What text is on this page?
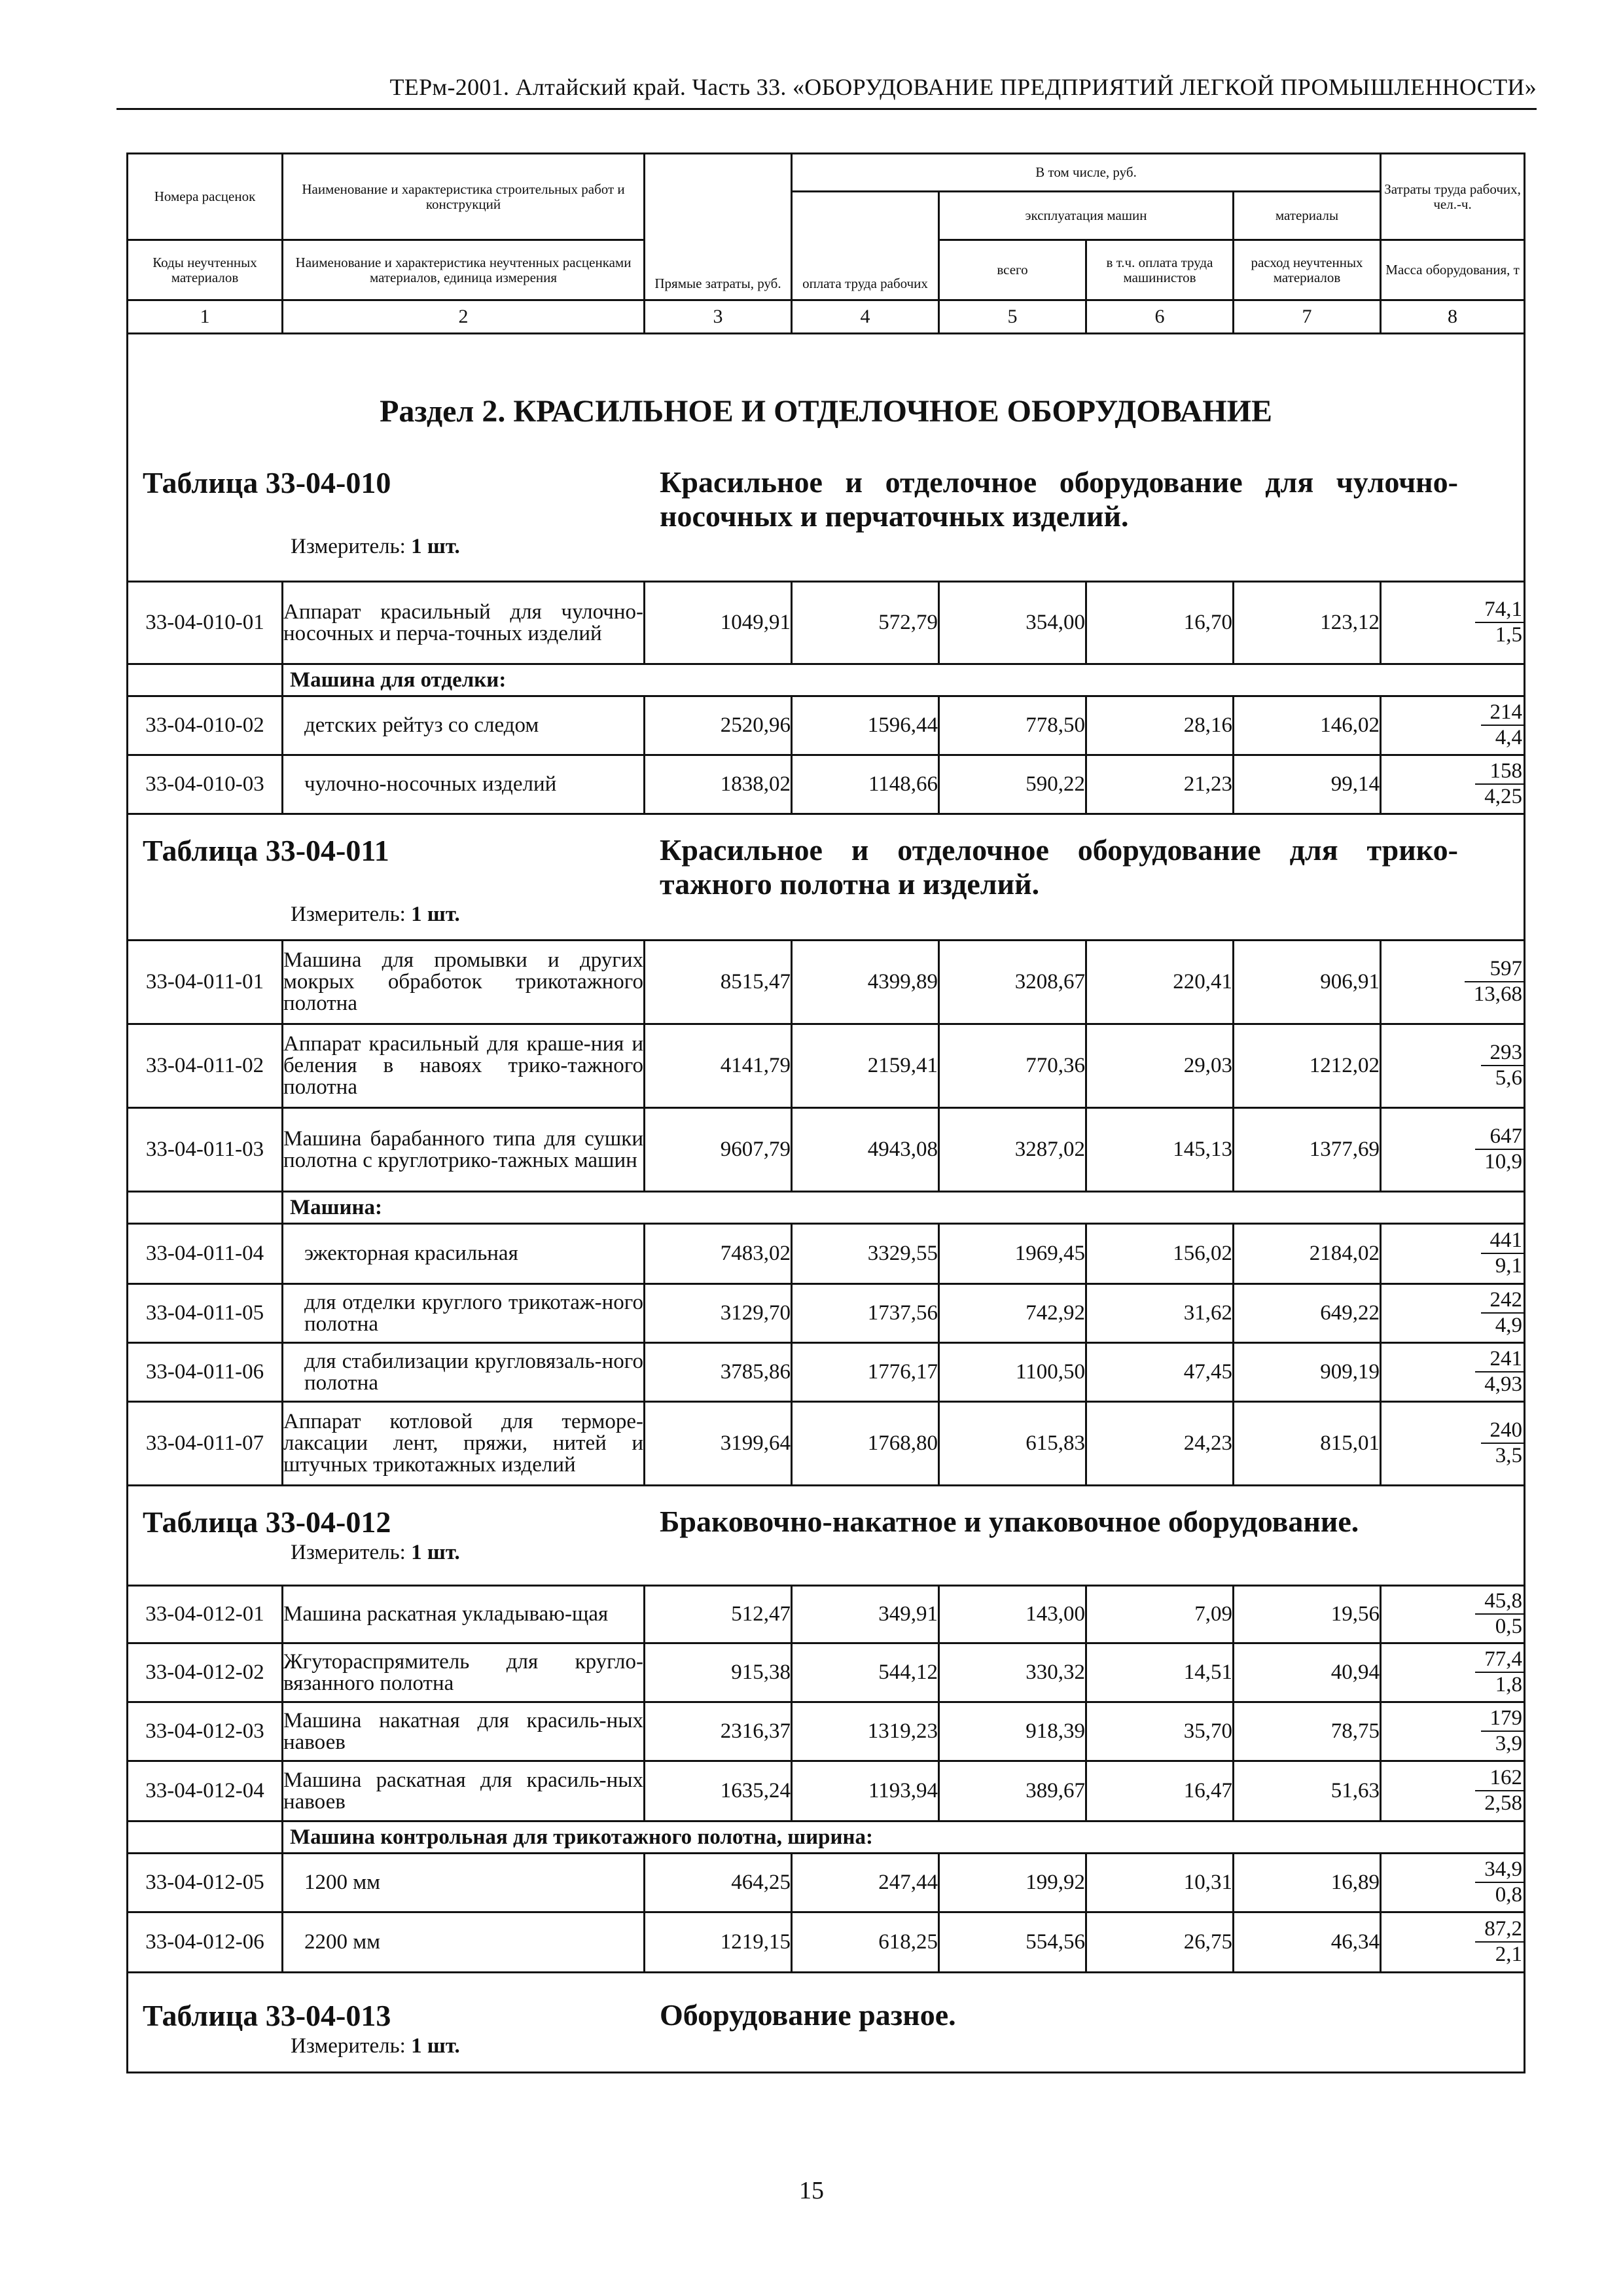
ТЕРм-2001. Алтайский край. Часть 33. «ОБОРУДОВАНИЕ ПРЕДПРИЯТИЙ ЛЕГКОЙ ПРОМЫШЛЕННОСТИ»
Номера расценок	Наименование и характеристика строительных работ и конструкций	Прямые затраты, руб.	В том числе, руб.				Затраты труда рабочих, чел.-ч.
			оплата труда рабочих	эксплуатация машин		материалы	
Коды неучтенных материалов	Наименование и характеристика неучтенных расценками материалов, единица измерения			всего	в т.ч. оплата труда машинистов	расход неучтенных материалов	Масса оборудования, т
1	2	3	4	5	6	7	8

Раздел 2. КРАСИЛЬНОЕ И ОТДЕЛОЧНОЕ ОБОРУДОВАНИЕ							

Таблица 33-04-010 Красильное и отделочное оборудование для чулочно-носочных и перчаточных изделий.
Измеритель: 1 шт.							

33-04-010-01	Аппарат красильный для чулочно-носочных и перча-точных изделий	1049,91	572,79	354,00	16,70	123,12	$\frac{74,1}{1,5}$

	Машина для отделки:						
33-04-010-02	детских рейтуз со следом	2520,96	1596,44	778,50	28,16	146,02	$\frac{214}{4,4}$

33-04-010-03	чулочно-носочных изделий	1838,02	1148,66	590,22	21,23	99,14	$\frac{158}{4,25}$

Таблица 33-04-011 Красильное и отделочное оборудование для трико-тажного полотна и изделий.
Измеритель: 1 шт.							

33-04-011-01	Машина для промывки и других мокрых обработок трикотажного полотна	8515,47	4399,89	3208,67	220,41	906,91	$\frac{597}{13,68}$

33-04-011-02	Аппарат красильный для краше-ния и беления в навоях трико-тажного полотна	4141,79	2159,41	770,36	29,03	1212,02	$\frac{293}{5,6}$

33-04-011-03	Машина барабанного типа для сушки полотна с круглотрико-тажных машин	9607,79	4943,08	3287,02	145,13	1377,69	$\frac{647}{10,9}$

	Машина:						
33-04-011-04	эжекторная красильная	7483,02	3329,55	1969,45	156,02	2184,02	$\frac{441}{9,1}$

33-04-011-05	для отделки круглого трикотаж-ного полотна	3129,70	1737,56	742,92	31,62	649,22	$\frac{242}{4,9}$

33-04-011-06	для стабилизации кругловязаль-ного полотна	3785,86	1776,17	1100,50	47,45	909,19	$\frac{241}{4,93}$

33-04-011-07	Аппарат котловой для терморе-лаксации лент, пряжи, нитей и штучных трикотажных изделий	3199,64	1768,80	615,83	24,23	815,01	$\frac{240}{3,5}$

Таблица 33-04-012 Браковочно-накатное и упаковочное оборудование.
Измеритель: 1 шт.							

33-04-012-01	Машина раскатная укладываю-щая	512,47	349,91	143,00	7,09	19,56	$\frac{45,8}{0,5}$

33-04-012-02	Жгутораспрямитель для кругло-вязанного полотна	915,38	544,12	330,32	14,51	40,94	$\frac{77,4}{1,8}$

33-04-012-03	Машина накатная для красиль-ных навоев	2316,37	1319,23	918,39	35,70	78,75	$\frac{179}{3,9}$

33-04-012-04	Машина раскатная для красиль-ных навоев	1635,24	1193,94	389,67	16,47	51,63	$\frac{162}{2,58}$

	Машина контрольная для трикотажного полотна, ширина:						
33-04-012-05	1200 мм	464,25	247,44	199,92	10,31	16,89	$\frac{34,9}{0,8}$

33-04-012-06	2200 мм	1219,15	618,25	554,56	26,75	46,34	$\frac{87,2}{2,1}$

Таблица 33-04-013 Оборудование разное.
Измеритель: 1 шт.							
15
